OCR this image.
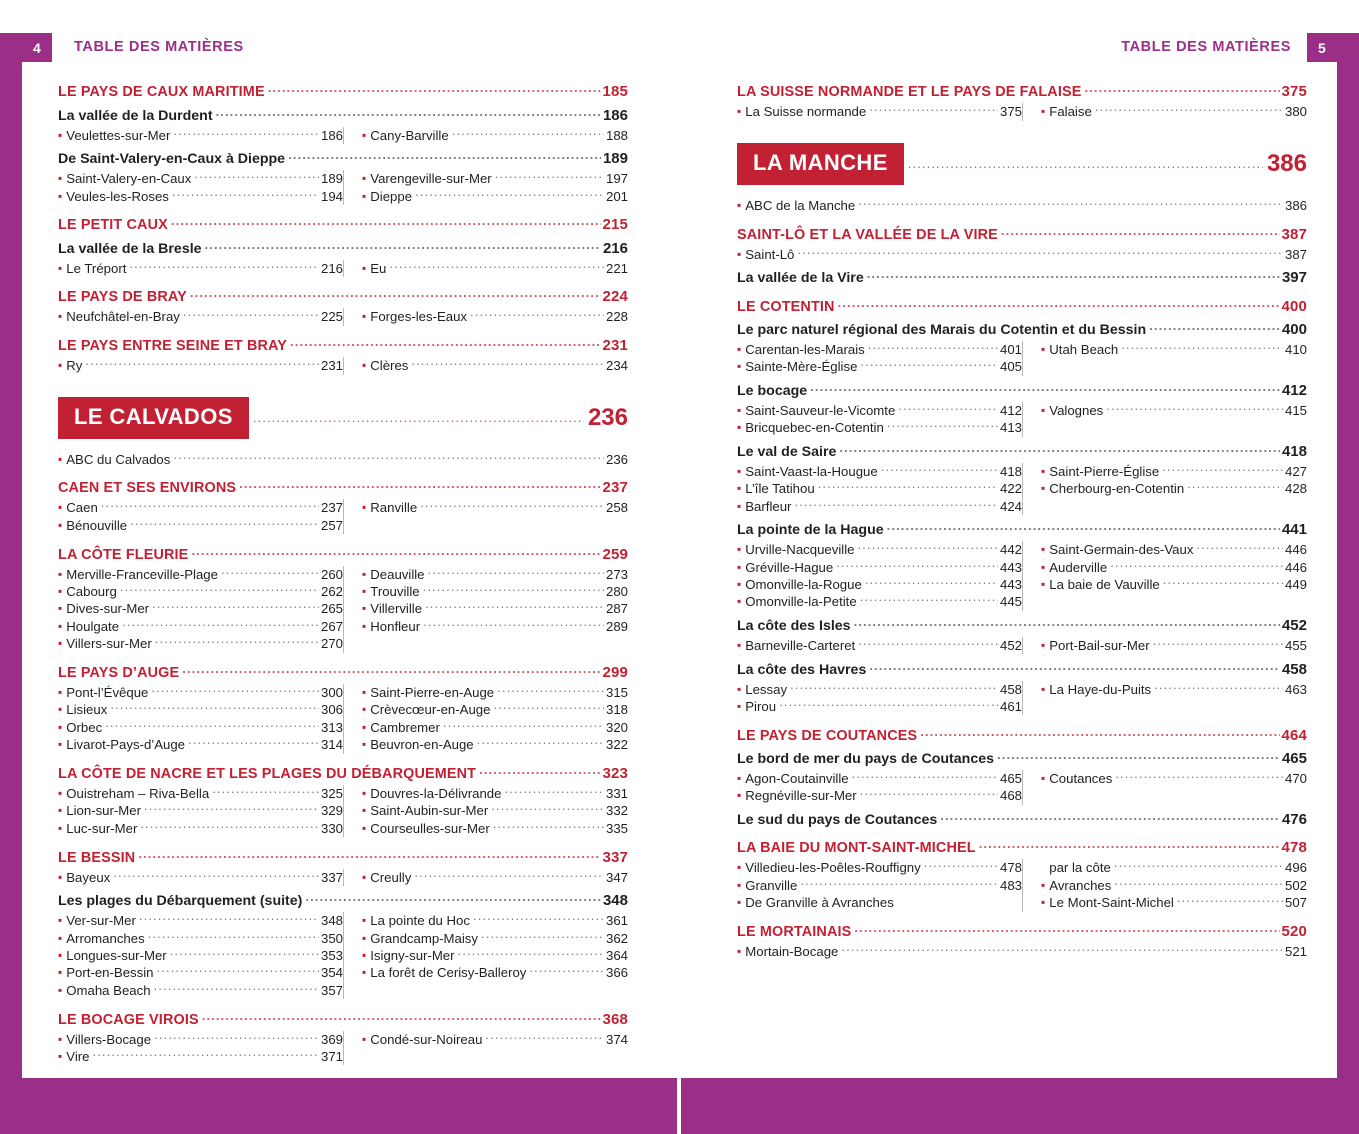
4	TABLE DES MATIÈRES	TABLE DES MATIÈRES	5
LE PAYS DE CAUX MARITIME .....	185
La vallée de la Durdent .....	186
▪ Veulettes-sur-Mer .....	186 ▪ Cany-Barville .....	188
De Saint-Valery-en-Caux à Dieppe .....	189
▪ Saint-Valery-en-Caux .....	189
▪ Veules-les-Roses .....	194
▪ Varengeville-sur-Mer .....	197
▪ Dieppe .....	201
LE PETIT CAUX .....	215
La vallée de la Bresle .....	216
▪ Le Tréport .....	216 ▪ Eu .....	221
LE PAYS DE BRAY .....	224
▪ Neufchâtel-en-Bray .....	225 ▪ Forges-les-Eaux .....	228
LE PAYS ENTRE SEINE ET BRAY .....	231
▪ Ry .....	231 ▪ Clères .....	234
LE CALVADOS .....	236
▪ ABC du Calvados .....	236
CAEN ET SES ENVIRONS .....	237
▪ Caen .....	237
▪ Bénouville .....	257
▪ Ranville .....	258
LA CÔTE FLEURIE .....	259
▪ Merville-Franceville-Plage .....	260
▪ Cabourg .....	262
▪ Dives-sur-Mer .....	265
▪ Houlgate .....	267
▪ Villers-sur-Mer .....	270
▪ Deauville .....	273
▪ Trouville .....	280
▪ Villerville .....	287
▪ Honfleur .....	289
LE PAYS D’AUGE .....	299
▪ Pont-l’Évêque .....	300
▪ Lisieux .....	306
▪ Orbec .....	313
▪ Livarot-Pays-d’Auge .....	314
▪ Saint-Pierre-en-Auge .....	315
▪ Crèvecœur-en-Auge .....	318
▪ Cambremer .....	320
▪ Beuvron-en-Auge .....	322
LA CÔTE DE NACRE ET LES PLAGES DU DÉBARQUEMENT .....	323
▪ Ouistreham – Riva-Bella .....	325
▪ Lion-sur-Mer .....	329
▪ Luc-sur-Mer .....	330
▪ Douvres-la-Délivrande .....	331
▪ Saint-Aubin-sur-Mer .....	332
▪ Courseulles-sur-Mer .....	335
LE BESSIN .....	337
▪ Bayeux .....	337 ▪ Creully .....	347
Les plages du Débarquement (suite) .....	348
▪ Ver-sur-Mer .....	348
▪ Arromanches .....	350
▪ Longues-sur-Mer .....	353
▪ Port-en-Bessin .....	354
▪ Omaha Beach .....	357
▪ La pointe du Hoc .....	361
▪ Grandcamp-Maisy .....	362
▪ Isigny-sur-Mer .....	364
▪ La forêt de Cerisy-Balleroy .....	366
LE BOCAGE VIROIS .....	368
▪ Villers-Bocage .....	369
▪ Vire .....	371
▪ Condé-sur-Noireau .....	374
LA SUISSE NORMANDE ET LE PAYS DE FALAISE .....	375
▪ La Suisse normande .....	375 ▪ Falaise .....	380
LA MANCHE .....	386
▪ ABC de la Manche .....	386
SAINT-LÔ ET LA VALLÉE DE LA VIRE .....	387
▪ Saint-Lô .....	387
La vallée de la Vire .....	397
LE COTENTIN .....	400
Le parc naturel régional des Marais du Cotentin et du Bessin .....	400
▪ Carentan-les-Marais .....	401
▪ Sainte-Mère-Église .....	405
▪ Utah Beach .....	410
Le bocage .....	412
▪ Saint-Sauveur-le-Vicomte .....	412
▪ Bricquebec-en-Cotentin .....	413
▪ Valognes .....	415
Le val de Saire .....	418
▪ Saint-Vaast-la-Hougue .....	418
▪ L’île Tatihou .....	422
▪ Barfleur .....	424
▪ Saint-Pierre-Église .....	427
▪ Cherbourg-en-Cotentin .....	428
La pointe de la Hague .....	441
▪ Urville-Nacqueville .....	442
▪ Gréville-Hague .....	443
▪ Omonville-la-Rogue .....	443
▪ Omonville-la-Petite .....	445
▪ Saint-Germain-des-Vaux .....	446
▪ Auderville .....	446
▪ La baie de Vauville .....	449
La côte des Isles .....	452
▪ Barneville-Carteret .....	452 ▪ Port-Bail-sur-Mer .....	455
La côte des Havres .....	458
▪ Lessay .....	458
▪ Pirou .....	461
▪ La Haye-du-Puits .....	463
LE PAYS DE COUTANCES .....	464
Le bord de mer du pays de Coutances .....	465
▪ Agon-Coutainville .....	465
▪ Regnéville-sur-Mer .....	468
▪ Coutances .....	470
Le sud du pays de Coutances .....	476
LA BAIE DU MONT-SAINT-MICHEL .....	478
▪ Villedieu-les-Poêles-Rouffigny .....	478
▪ Granville .....	483
▪ De Granville à Avranches
par la côte .....	496
▪ Avranches .....	502
▪ Le Mont-Saint-Michel .....	507
LE MORTAINAIS .....	520
▪ Mortain-Bocage .....	521
